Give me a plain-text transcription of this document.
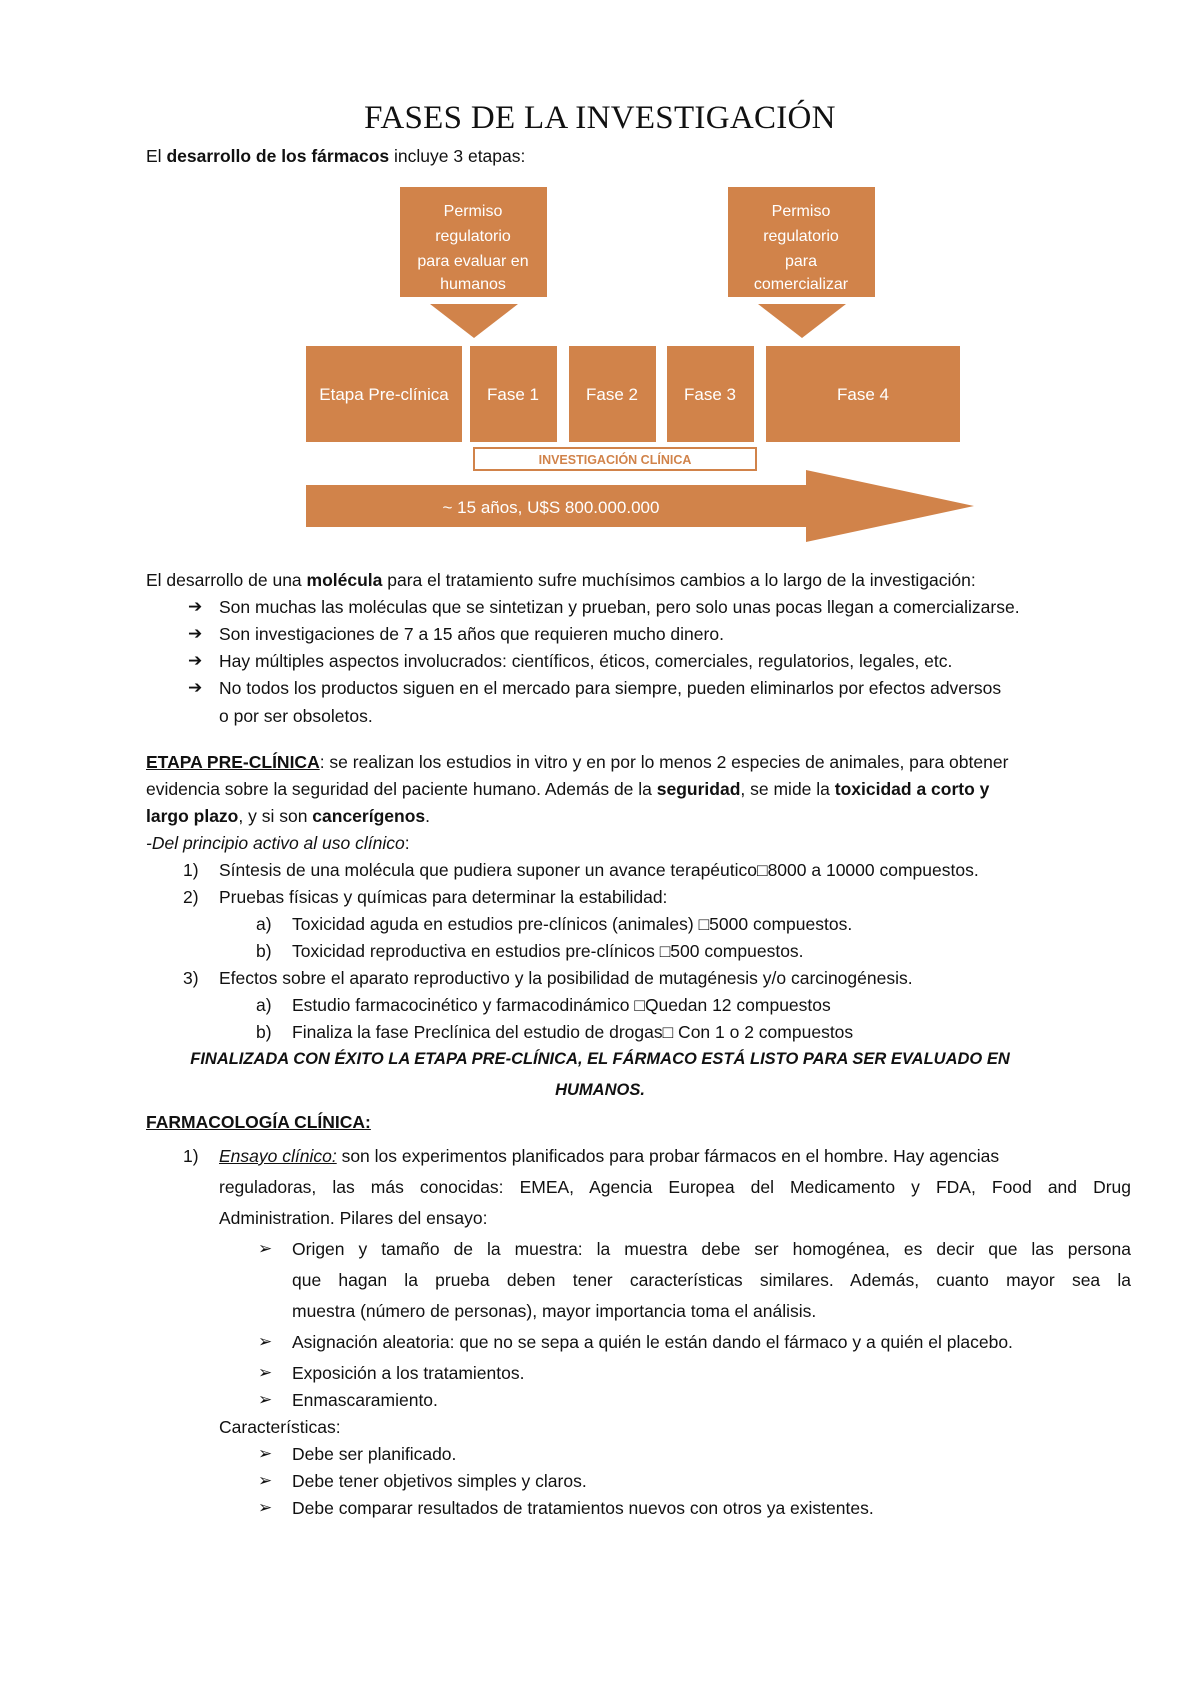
FASES DE LA INVESTIGACIÓN
El desarrollo de los fármacos incluye 3 etapas:
Permiso
regulatorio
para evaluar en
humanos
Permiso
regulatorio
para
comercializar
Etapa Pre-clínica Fase 1	Fase 2	Fase 3	Fase 4
INVESTIGACIÓN CLÍNICA
~ 15 años, U$S 800.000.000
El desarrollo de una molécula para el tratamiento sufre muchísimos cambios a lo largo de la investigación:
➔ Son muchas las moléculas que se sintetizan y prueban, pero solo unas pocas llegan a comercializarse.
➔ Son investigaciones de 7 a 15 años que requieren mucho dinero.
➔ Hay múltiples aspectos involucrados: científicos, éticos, comerciales, regulatorios, legales, etc.
➔ No todos los productos siguen en el mercado para siempre, pueden eliminarlos por efectos adversos
o por ser obsoletos.
ETAPA PRE-CLÍNICA: se realizan los estudios in vitro y en por lo menos 2 especies de animales, para obtener
evidencia sobre la seguridad del paciente humano. Además de la seguridad, se mide la toxicidad a corto y
largo plazo, y si son cancerígenos.
-Del principio activo al uso clínico:
1) Síntesis de una molécula que pudiera suponer un avance terapéutico□8000 a 10000 compuestos.
2) Pruebas físicas y químicas para determinar la estabilidad:
a) Toxicidad aguda en estudios pre-clínicos (animales) □5000 compuestos.
b) Toxicidad reproductiva en estudios pre-clínicos □500 compuestos.
3) Efectos sobre el aparato reproductivo y la posibilidad de mutagénesis y/o carcinogénesis.
a) Estudio farmacocinético y farmacodinámico □Quedan 12 compuestos
b) Finaliza la fase Preclínica del estudio de drogas□ Con 1 o 2 compuestos
FINALIZADA CON ÉXITO LA ETAPA PRE-CLÍNICA, EL FÁRMACO ESTÁ LISTO PARA SER EVALUADO EN
HUMANOS.
FARMACOLOGÍA CLÍNICA:
1) Ensayo clínico: son los experimentos planificados para probar fármacos en el hombre. Hay agencias
reguladoras, las más conocidas: EMEA, Agencia Europea del Medicamento y FDA, Food and Drug
Administration. Pilares del ensayo:
➢ Origen y tamaño de la muestra: la muestra debe ser homogénea, es decir que las persona
que hagan la prueba deben tener características similares. Además, cuanto mayor sea la
muestra (número de personas), mayor importancia toma el análisis.
➢ Asignación aleatoria: que no se sepa a quién le están dando el fármaco y a quién el placebo.
➢ Exposición a los tratamientos.
➢ Enmascaramiento.
Características:
➢ Debe ser planificado.
➢ Debe tener objetivos simples y claros.
➢ Debe comparar resultados de tratamientos nuevos con otros ya existentes.
